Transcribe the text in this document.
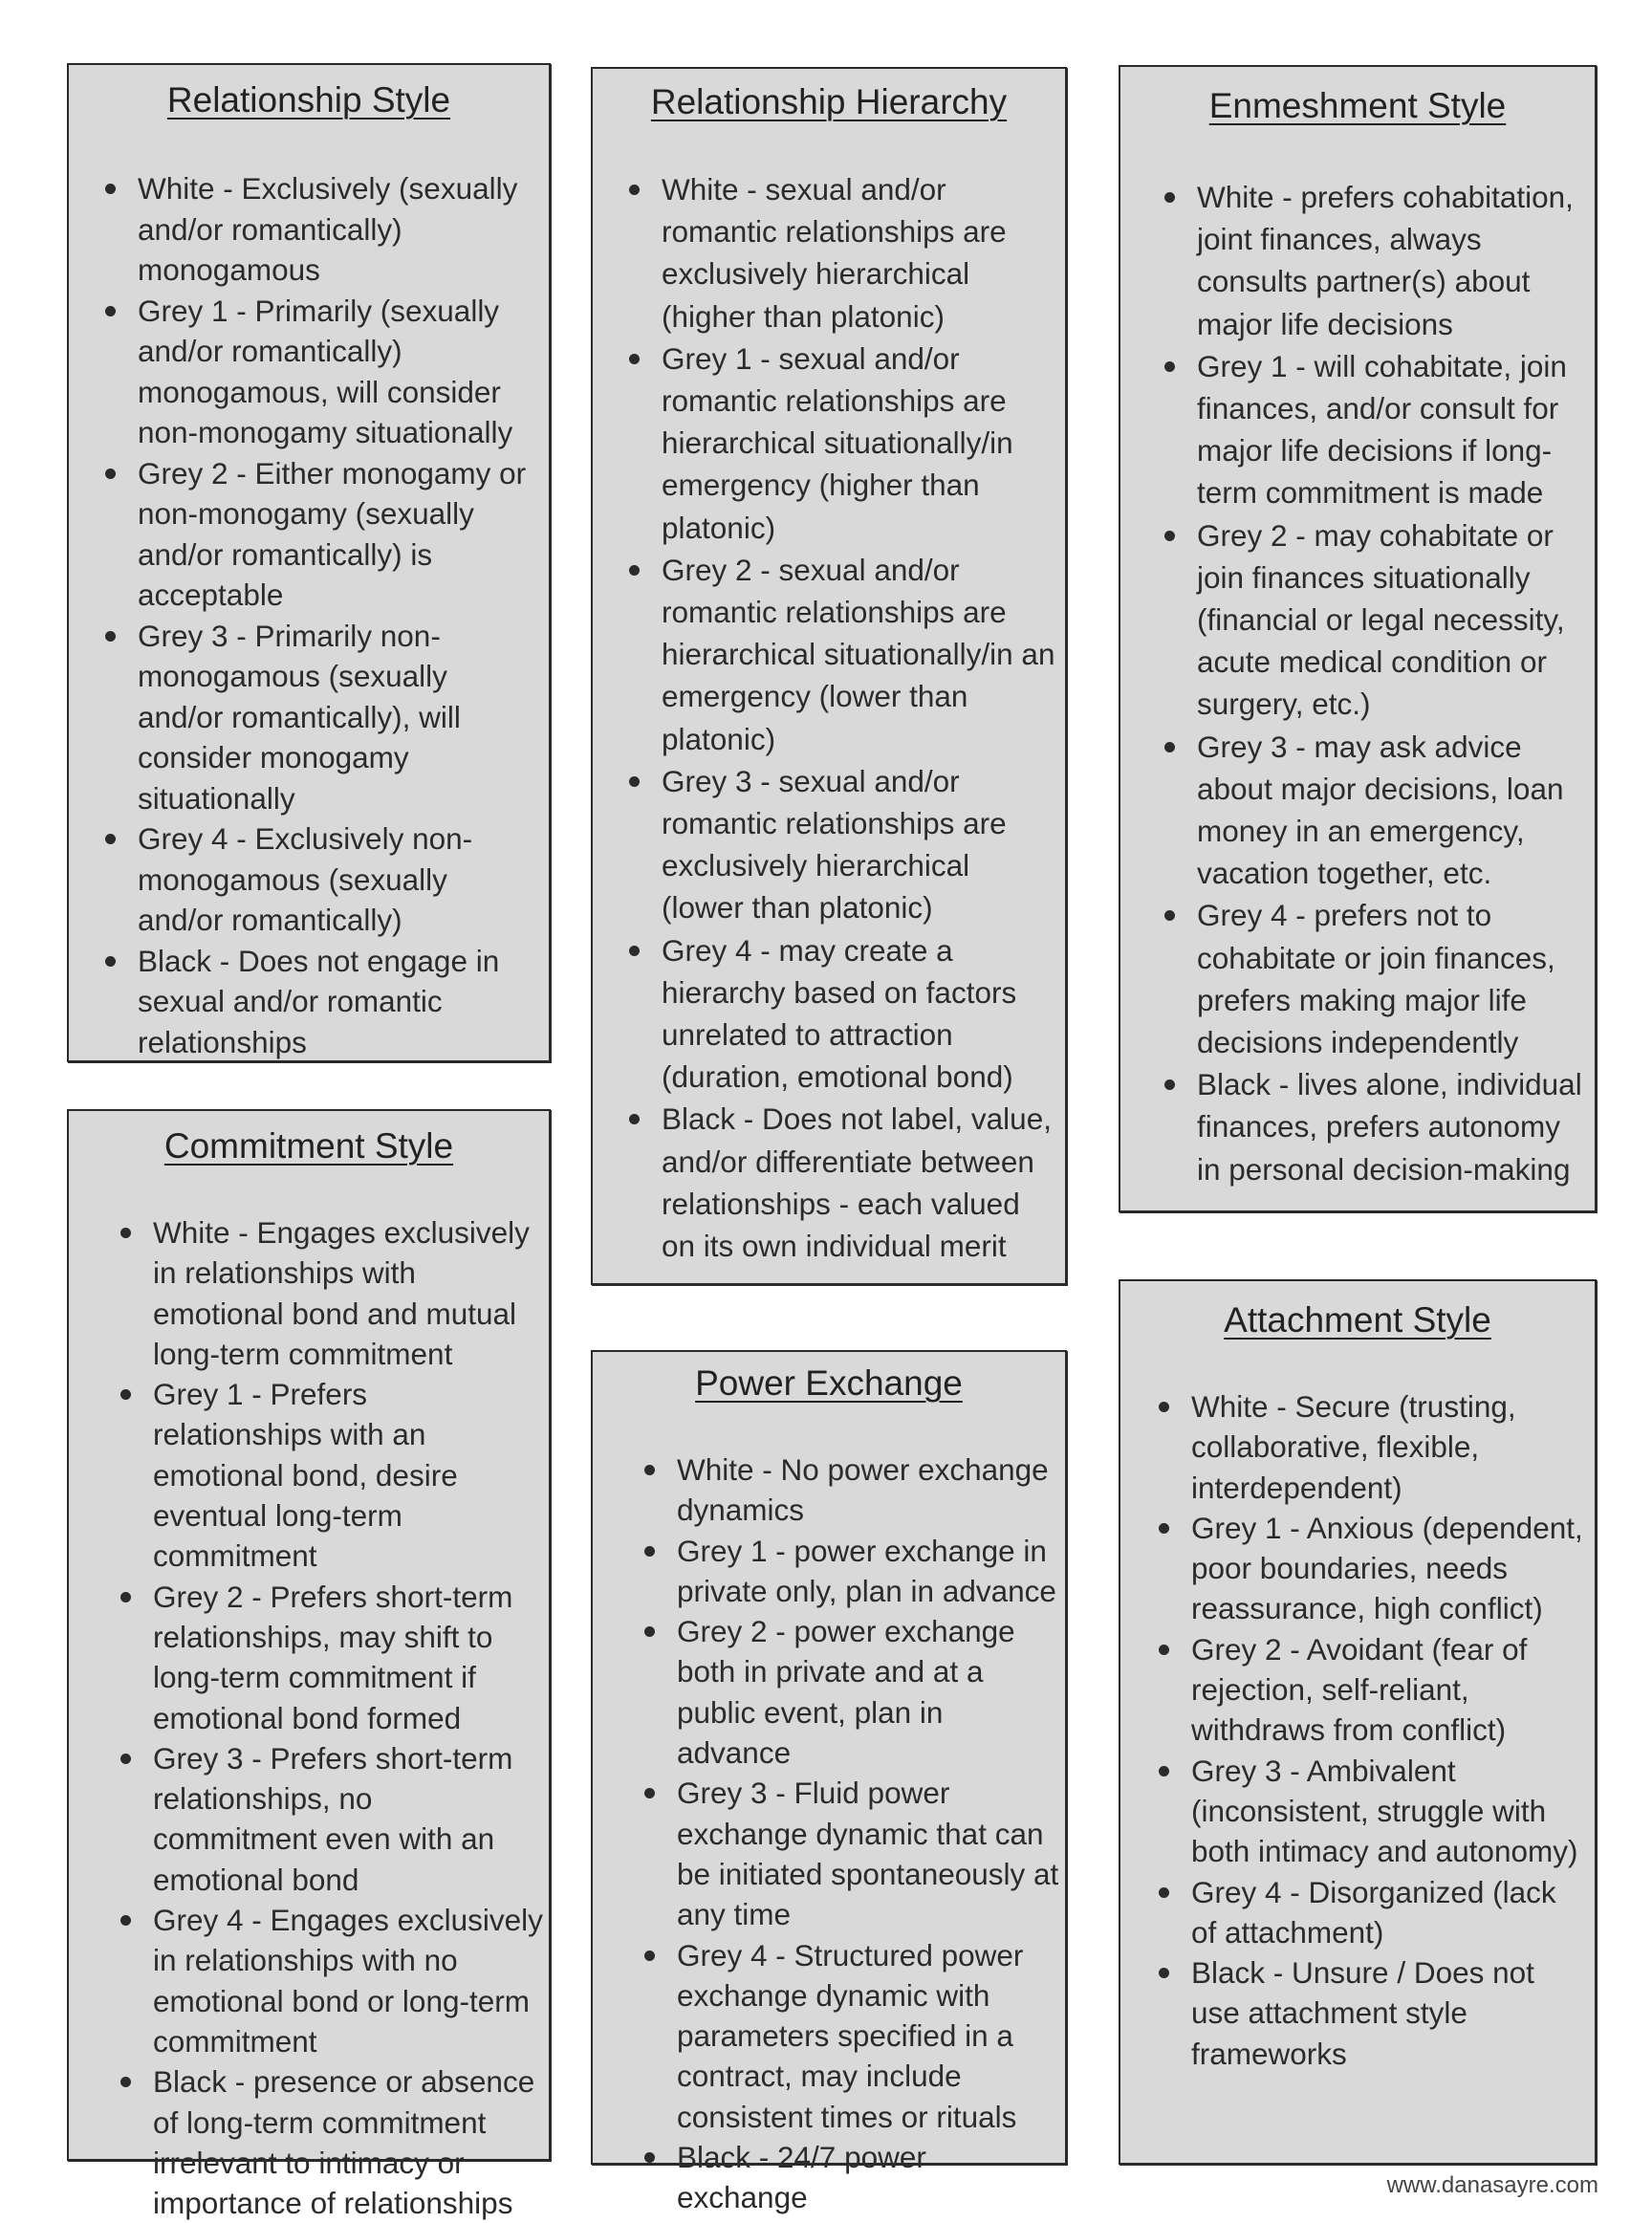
Relationship Style
White - Exclusively (sexually and/or romantically) monogamous
Grey 1 - Primarily (sexually and/or romantically) monogamous, will consider non-monogamy situationally
Grey 2 - Either monogamy or non-monogamy (sexually and/or romantically) is acceptable
Grey 3 - Primarily non-monogamous (sexually and/or romantically), will consider monogamy situationally
Grey 4 - Exclusively non-monogamous (sexually and/or romantically)
Black - Does not engage in sexual and/or romantic relationships
Relationship Hierarchy
White - sexual and/or romantic relationships are exclusively hierarchical (higher than platonic)
Grey 1 - sexual and/or romantic relationships are hierarchical situationally/in emergency (higher than platonic)
Grey 2 - sexual and/or romantic relationships are hierarchical situationally/in an emergency (lower than platonic)
Grey 3 - sexual and/or romantic relationships are exclusively hierarchical (lower than platonic)
Grey 4 - may create a hierarchy based on factors unrelated to attraction (duration, emotional bond)
Black - Does not label, value, and/or differentiate between relationships - each valued on its own individual merit
Enmeshment Style
White - prefers cohabitation, joint finances, always consults partner(s) about major life decisions
Grey 1 - will cohabitate, join finances, and/or consult for major life decisions if long-term commitment is made
Grey 2 - may cohabitate or join finances situationally (financial or legal necessity, acute medical condition or surgery, etc.)
Grey 3 - may ask advice about major decisions, loan money in an emergency, vacation together, etc.
Grey 4 - prefers not to cohabitate or join finances, prefers making major life decisions independently
Black - lives alone, individual finances, prefers autonomy in personal decision-making
Commitment Style
White - Engages exclusively in relationships with emotional bond and mutual long-term commitment
Grey 1 - Prefers relationships with an emotional bond, desire eventual long-term commitment
Grey 2 - Prefers short-term relationships, may shift to long-term commitment if emotional bond formed
Grey 3 - Prefers short-term relationships, no commitment even with an emotional bond
Grey 4 - Engages exclusively in relationships with no emotional bond or long-term commitment
Black - presence or absence of long-term commitment irrelevant to intimacy or importance of relationships
Power Exchange
White - No power exchange dynamics
Grey 1 - power exchange in private only, plan in advance
Grey 2 - power exchange both in private and at a public event, plan in advance
Grey 3 - Fluid power exchange dynamic that can be initiated spontaneously at any time
Grey 4 - Structured power exchange dynamic with parameters specified in a contract, may include consistent times or rituals
Black - 24/7 power exchange
Attachment Style
White - Secure (trusting, collaborative, flexible, interdependent)
Grey 1 - Anxious (dependent, poor boundaries, needs reassurance, high conflict)
Grey 2 - Avoidant (fear of rejection, self-reliant, withdraws from conflict)
Grey 3 - Ambivalent (inconsistent, struggle with both intimacy and autonomy)
Grey 4 - Disorganized (lack of attachment)
Black - Unsure / Does not use attachment style frameworks
www.danasayre.com
